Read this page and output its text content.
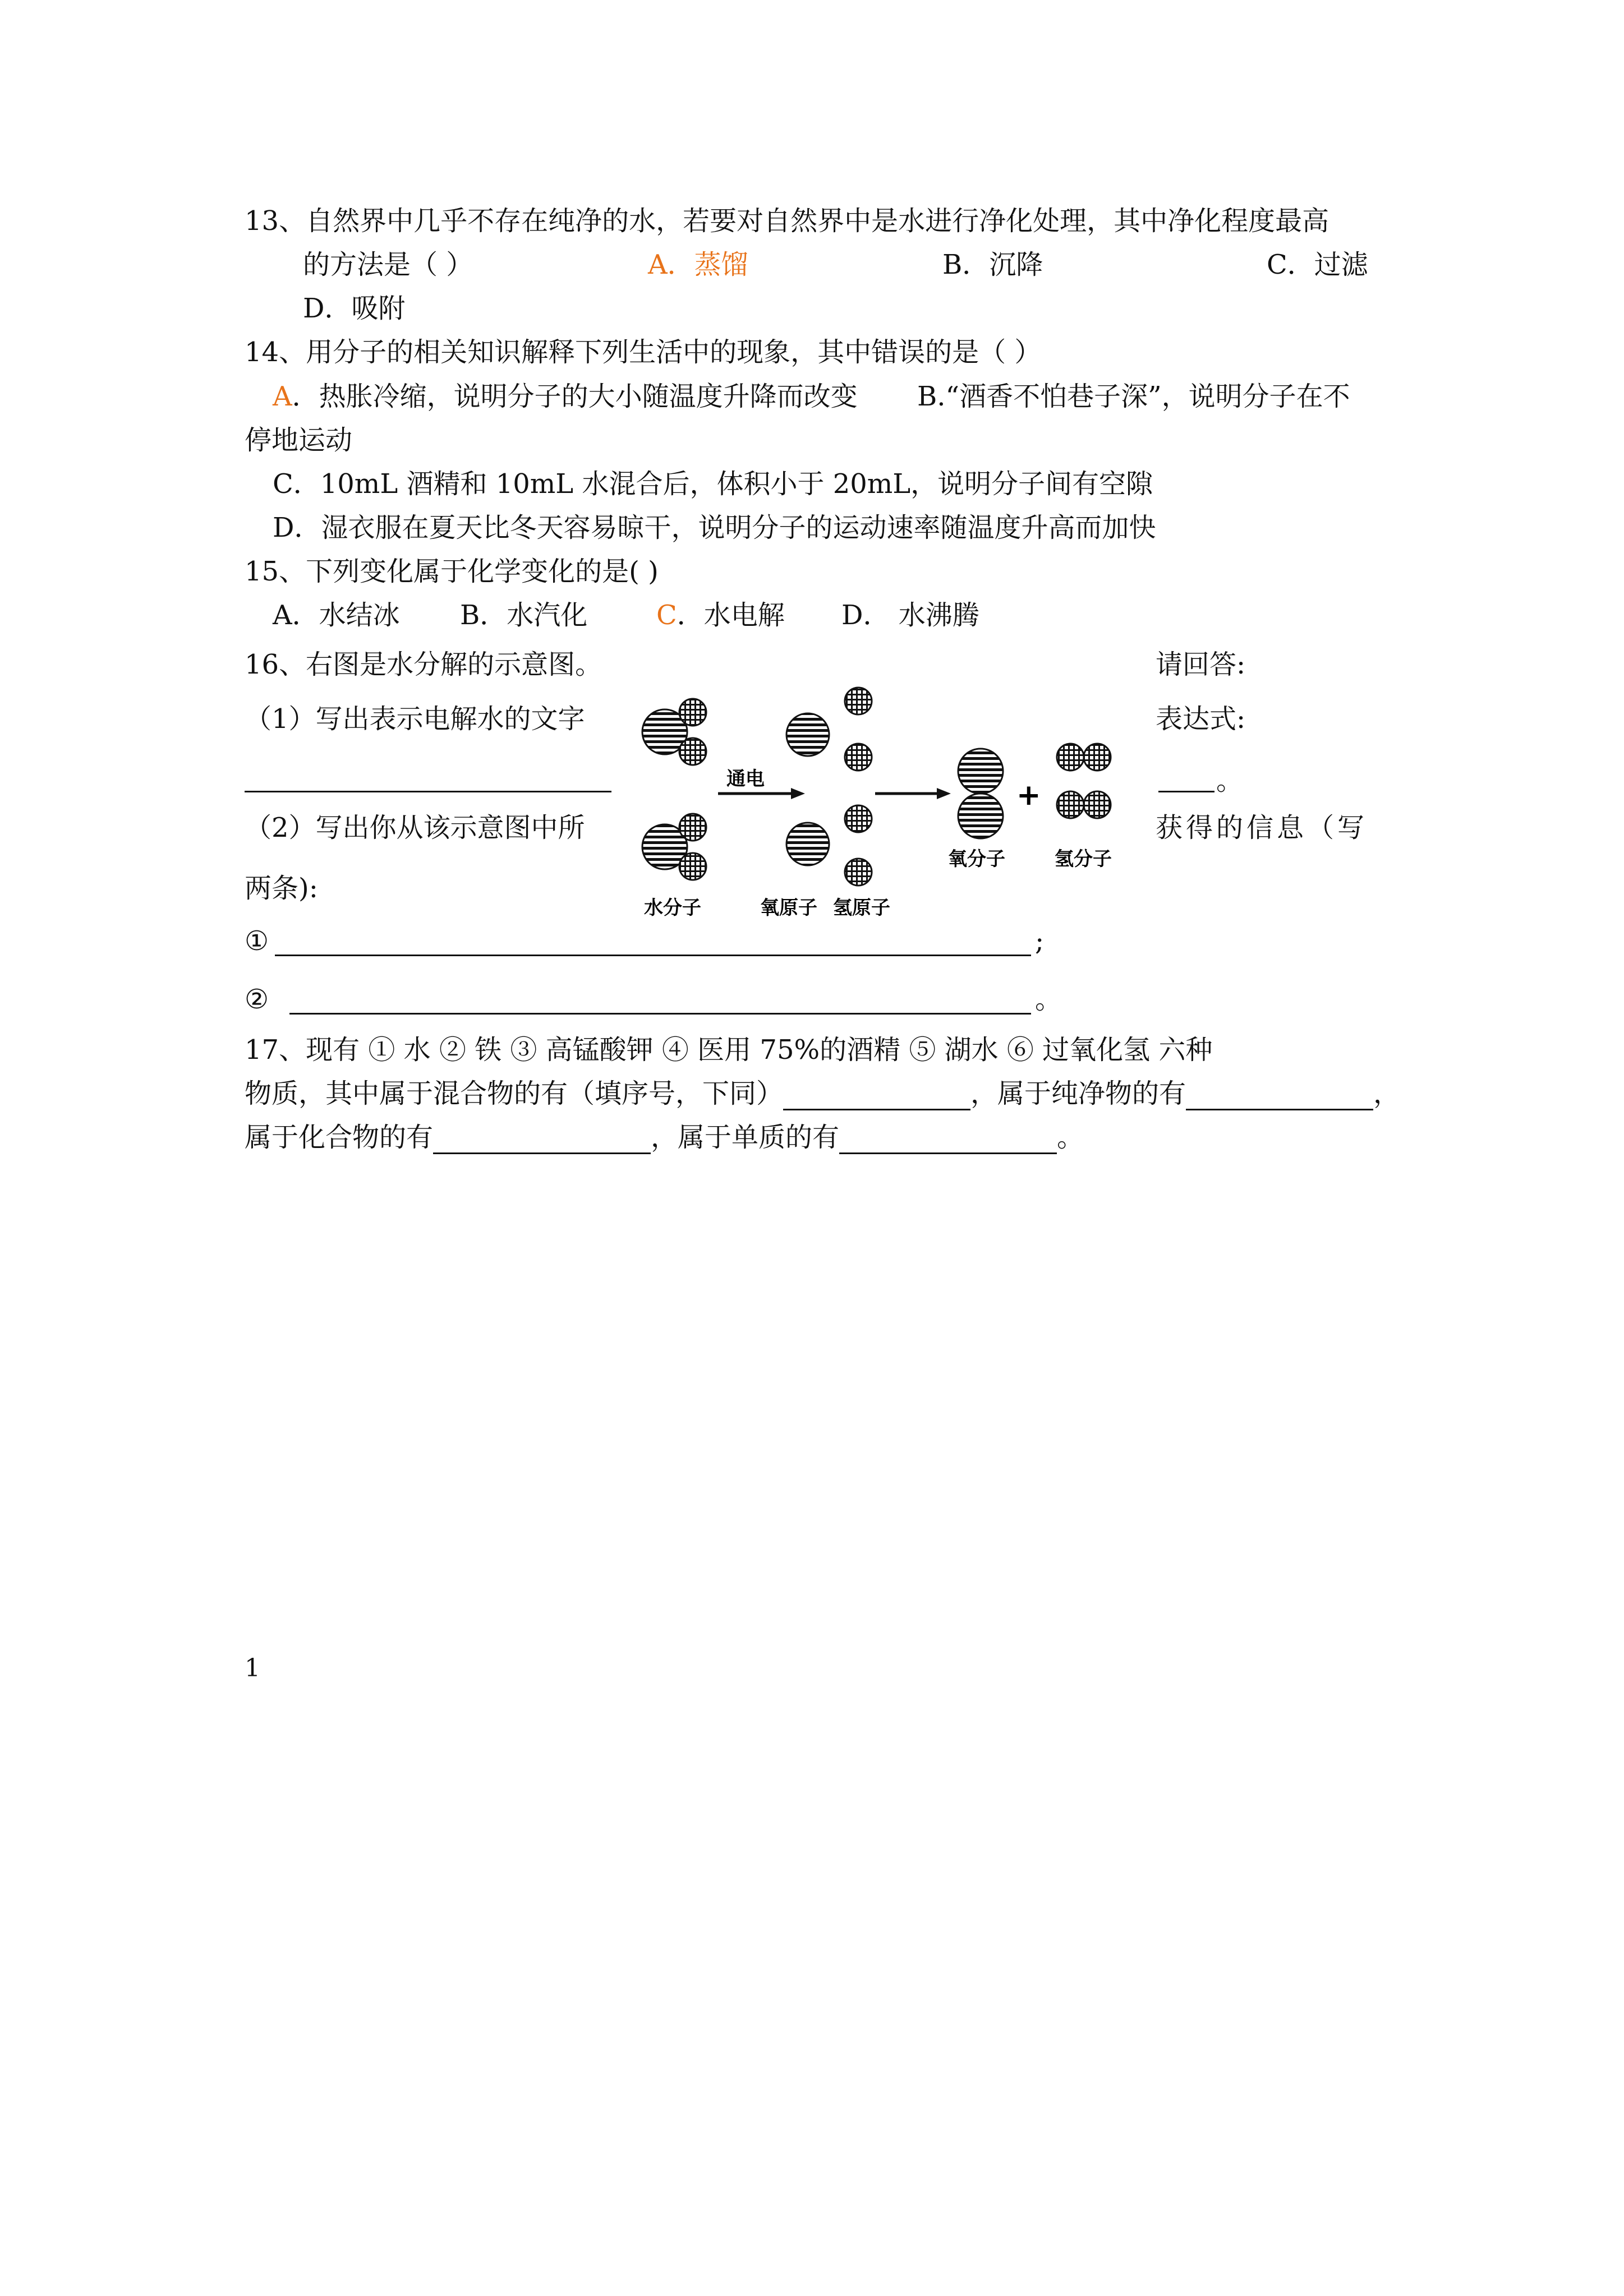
13、自然界中几乎不存在纯净的水，若要对自然界中是水进行净化处理，其中净化程度最高
的方法是（ ）	A．蒸馏	B．沉降	C．过滤
D．吸附
14、用分子的相关知识解释下列生活中的现象，其中错误的是（ ）
A．热胀冷缩，说明分子的大小随温度升降而改变 B.“酒香不怕巷子深”，说明分子在不
停地运动
C．10mL 酒精和 10mL 水混合后，体积小于 20mL，说明分子间有空隙
D．湿衣服在夏天比冬天容易晾干，说明分子的运动速率随温度升高而加快
15、下列变化属于化学变化的是( )
A．水结冰 B．水汽化	C．水电解 D． 水沸腾
16、右图是水分解的示意图。	请回答:
（1）写出表示电解水的文字	表达式:
。
（2）写出你从该示意图中所	获得的信息（写
两条):
①	;
②	。
通电	+
水分子	氧原子 氢原子
氧分子	氢分子
17、现有 ① 水 ② 铁 ③ 高锰酸钾 ④ 医用 75%的酒精 ⑤ 湖水 ⑥ 过氧化氢 六种
物质，其中属于混合物的有（填序号，下同）	，属于纯净物的有	，
属于化合物的有	，属于单质的有	。
1
